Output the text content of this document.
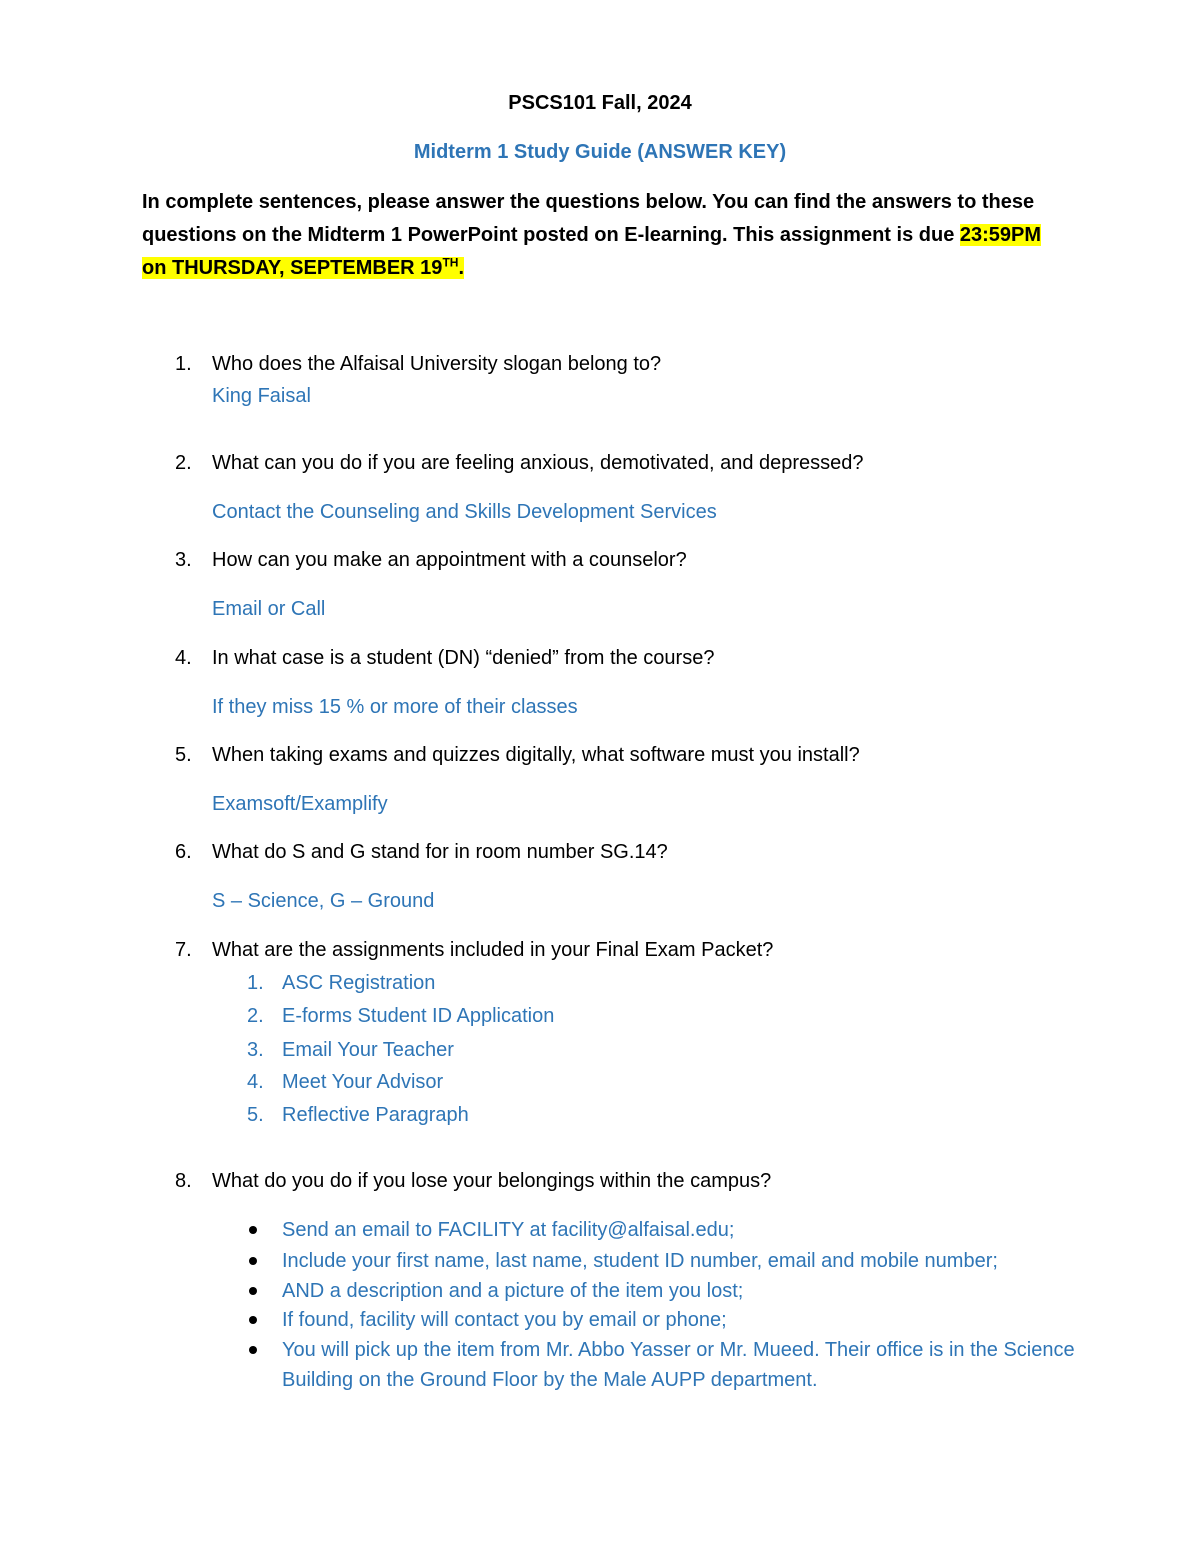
PSCS101 Fall, 2024
Midterm 1 Study Guide (ANSWER KEY)
In complete sentences, please answer the questions below. You can find the answers to these questions on the Midterm 1 PowerPoint posted on E-learning. This assignment is due 23:59PM
on THURSDAY, SEPTEMBER 19TH.
1. Who does the Alfaisal University slogan belong to?
King Faisal
2. What can you do if you are feeling anxious, demotivated, and depressed?
Contact the Counseling and Skills Development Services
3. How can you make an appointment with a counselor?
Email or Call
4. In what case is a student (DN) “denied” from the course?
If they miss 15 % or more of their classes
5. When taking exams and quizzes digitally, what software must you install?
Examsoft/Examplify
6. What do S and G stand for in room number SG.14?
S – Science, G – Ground
7. What are the assignments included in your Final Exam Packet?
1. ASC Registration
2. E-forms Student ID Application
3. Email Your Teacher
4. Meet Your Advisor
5. Reflective Paragraph
8. What do you do if you lose your belongings within the campus?
Send an email to FACILITY at facility@alfaisal.edu;
Include your first name, last name, student ID number, email and mobile number;
AND a description and a picture of the item you lost;
If found, facility will contact you by email or phone;
You will pick up the item from Mr. Abbo Yasser or Mr. Mueed. Their office is in the Science Building on the Ground Floor by the Male AUPP department.
